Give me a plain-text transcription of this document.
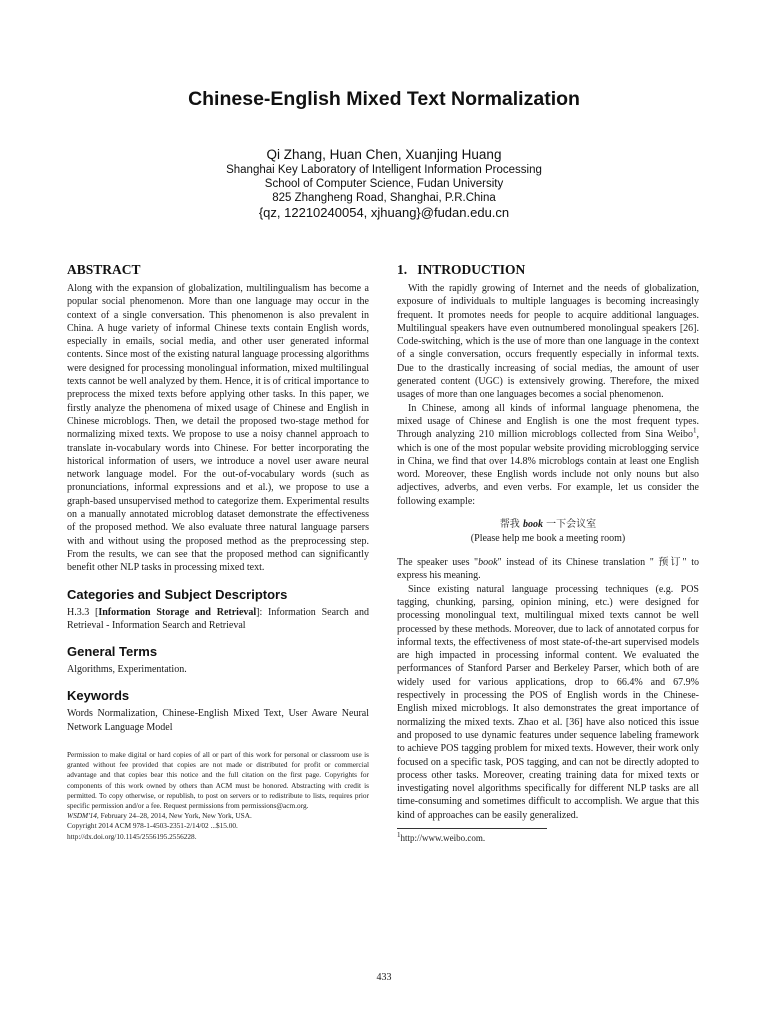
Chinese-English Mixed Text Normalization
Qi Zhang, Huan Chen, Xuanjing Huang
Shanghai Key Laboratory of Intelligent Information Processing
School of Computer Science, Fudan University
825 Zhangheng Road, Shanghai, P.R.China
{qz, 12210240054, xjhuang}@fudan.edu.cn
ABSTRACT

Along with the expansion of globalization, multilingualism has become a popular social phenomenon. More than one language may occur in the context of a single conversation. This phenomenon is also prevalent in China. A huge variety of informal Chinese texts contain English words, especially in emails, social media, and other user generated informal contents. Since most of the existing natural language processing algorithms were designed for processing monolingual information, mixed multilingual texts cannot be well analyzed by them. Hence, it is of critical importance to preprocess the mixed texts before applying other tasks. In this paper, we firstly analyze the phenomena of mixed usage of Chinese and English in Chinese microblogs. Then, we detail the proposed two-stage method for normalizing mixed texts. We propose to use a noisy channel approach to translate in-vocabulary words into Chinese. For better incorporating the historical information of users, we introduce a novel user aware neural network language model. For the out-of-vocabulary words (such as pronunciations, informal expressions and et al.), we propose to use a graph-based unsupervised method to categorize them. Experimental results on a manually annotated microblog dataset demonstrate the effectiveness of the proposed method. We also evaluate three natural language parsers with and without using the proposed method as the preprocessing step. From the results, we can see that the proposed method can significantly benefit other NLP tasks in processing mixed text.

Categories and Subject Descriptors

H.3.3 [Information Storage and Retrieval]: Information Search and Retrieval - Information Search and Retrieval

General Terms

Algorithms, Experimentation.

Keywords

Words Normalization, Chinese-English Mixed Text, User Aware Neural Network Language Model

Permission to make digital or hard copies of all or part of this work for personal or classroom use is granted without fee provided that copies are not made or distributed for profit or commercial advantage and that copies bear this notice and the full citation on the first page. Copyrights for components of this work owned by others than ACM must be honored. Abstracting with credit is permitted. To copy otherwise, or republish, to post on servers or to redistribute to lists, requires prior specific permission and/or a fee. Request permissions from permissions@acm.org.

WSDM'14, February 24–28, 2014, New York, New York, USA.

Copyright 2014 ACM 978-1-4503-2351-2/14/02 ...$15.00.

http://dx.doi.org/10.1145/2556195.2556228.

1.   INTRODUCTION

With the rapidly growing of Internet and the needs of globalization, exposure of individuals to multiple languages is becoming increasingly frequent. It promotes needs for people to acquire additional languages. Multilingual speakers have even outnumbered monolingual speakers [26]. Code-switching, which is the use of more than one language in the context of a single conversation, occurs frequently especially in informal texts. Due to the drastically increasing of social medias, the amount of user generated content (UGC) is extensively growing. Therefore, the mixed usages of more than one languages becomes a social phenomenon.

In Chinese, among all kinds of informal language phenomena, the mixed usage of Chinese and English is one the most frequent types. Through analyzing 210 million microblogs collected from Sina Weibo$^1$, which is one of the most popular website providing microblogging service in China, we find that over 14.8% microblogs contain at least one English word. Moreover, these English words include not only nouns but also adjectives, adverbs, and even verbs. For example, let us consider the following example:

帮我 book 一下会议室
(Please help me book a meeting room)

The speaker uses "book" instead of its Chinese translation " 预订" to express his meaning.

Since existing natural language processing techniques (e.g. POS tagging, chunking, parsing, opinion mining, etc.) were designed for processing monolingual text, multilingual mixed texts cannot be well processed by these methods. Moreover, due to lack of annotated corpus for informal texts, the effectiveness of most state-of-the-art supervised models are high impacted in processing informal content. We evaluated the performances of Stanford Parser and Berkeley Parser, which both of are widely used for various applications, drop to 66.4% and 67.9% respectively in processing the POS of English words in the Chinese-English mixed microblogs. It also demonstrates the great importance of normalizing the mixed texts. Zhao et al. [36] have also noticed this issue and proposed to use dynamic features under sequence labeling framework to achieve POS tagging problem for mixed texts. However, their work only focused on a specific task, POS tagging, and can not be directly adopted to process other tasks. Moreover, creating training data for mixed texts or investigating novel algorithms specifically for different NLP tasks are all time-consuming and sometimes difficult to accomplish. We argue that this kind of approaches can be easily generalized.

$^1$http://www.weibo.com.
433
